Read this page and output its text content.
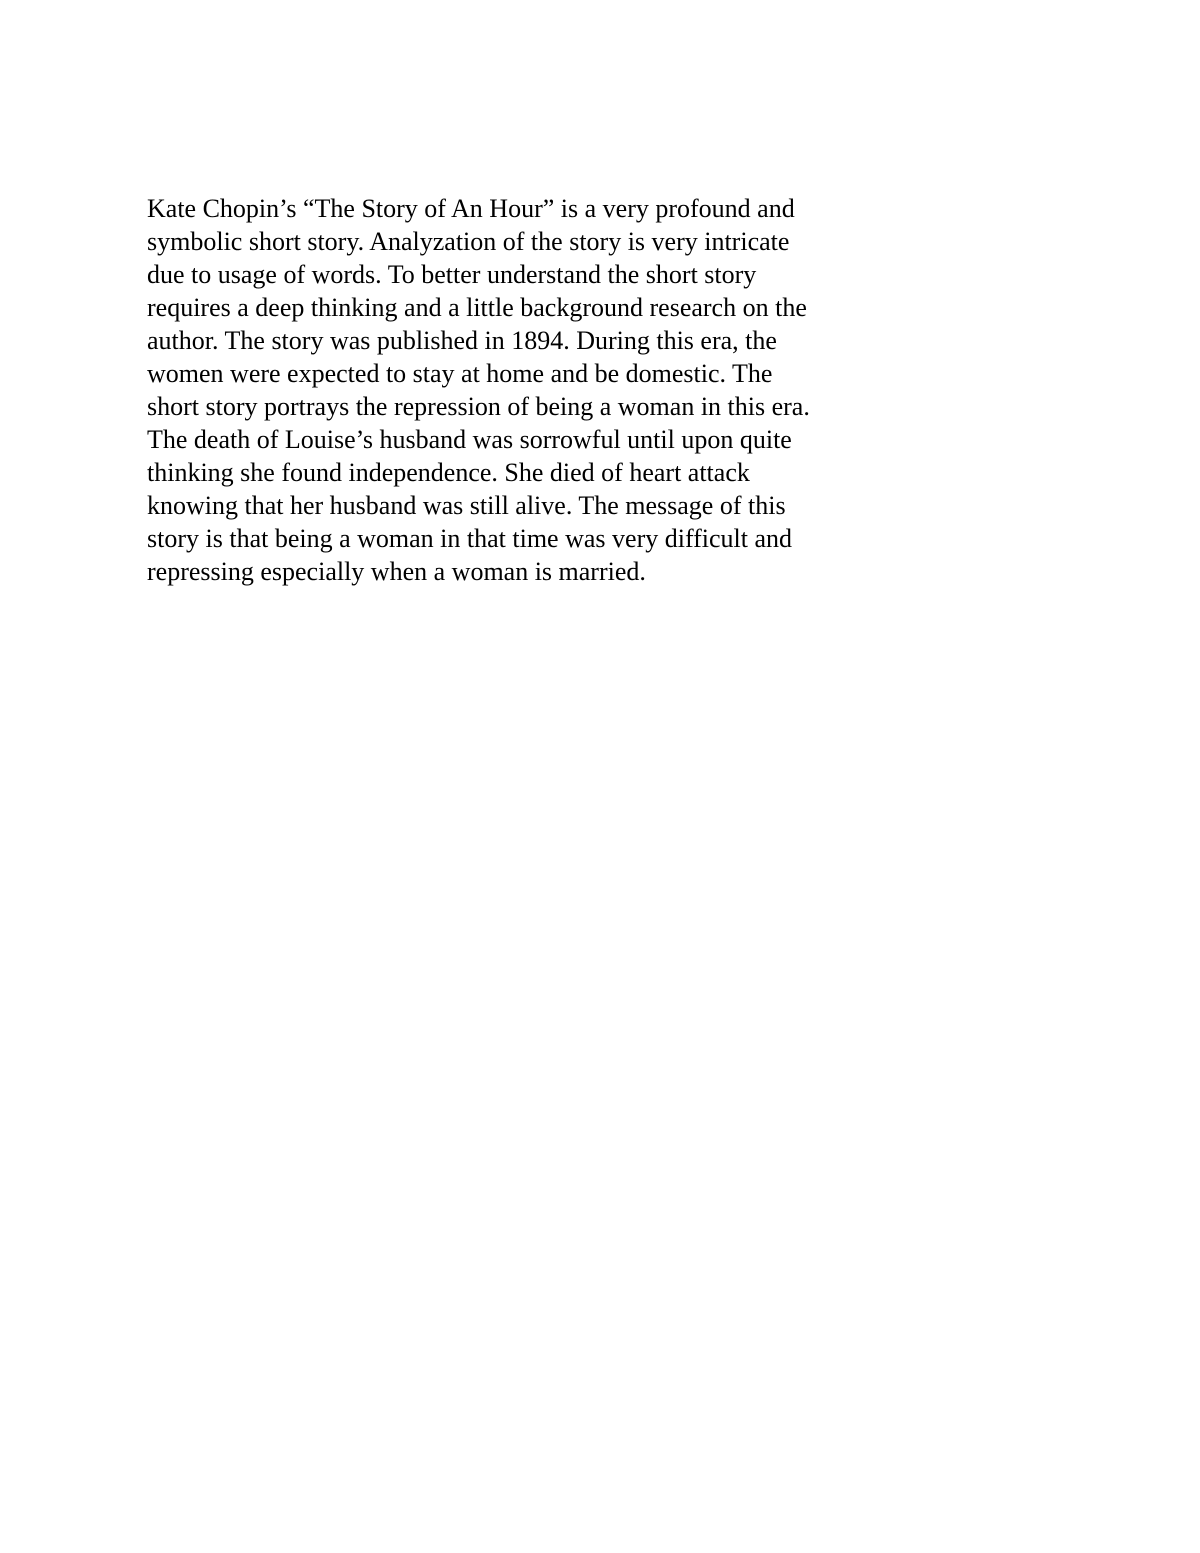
Kate Chopin’s “The Story of An Hour” is a very profound and
symbolic short story. Analyzation of the story is very intricate
due to usage of words. To better understand the short story
requires a deep thinking and a little background research on the
author. The story was published in 1894. During this era, the
women were expected to stay at home and be domestic. The
short story portrays the repression of being a woman in this era.
The death of Louise’s husband was sorrowful until upon quite
thinking she found independence. She died of heart attack
knowing that her husband was still alive. The message of this
story is that being a woman in that time was very difficult and
repressing especially when a woman is married.
